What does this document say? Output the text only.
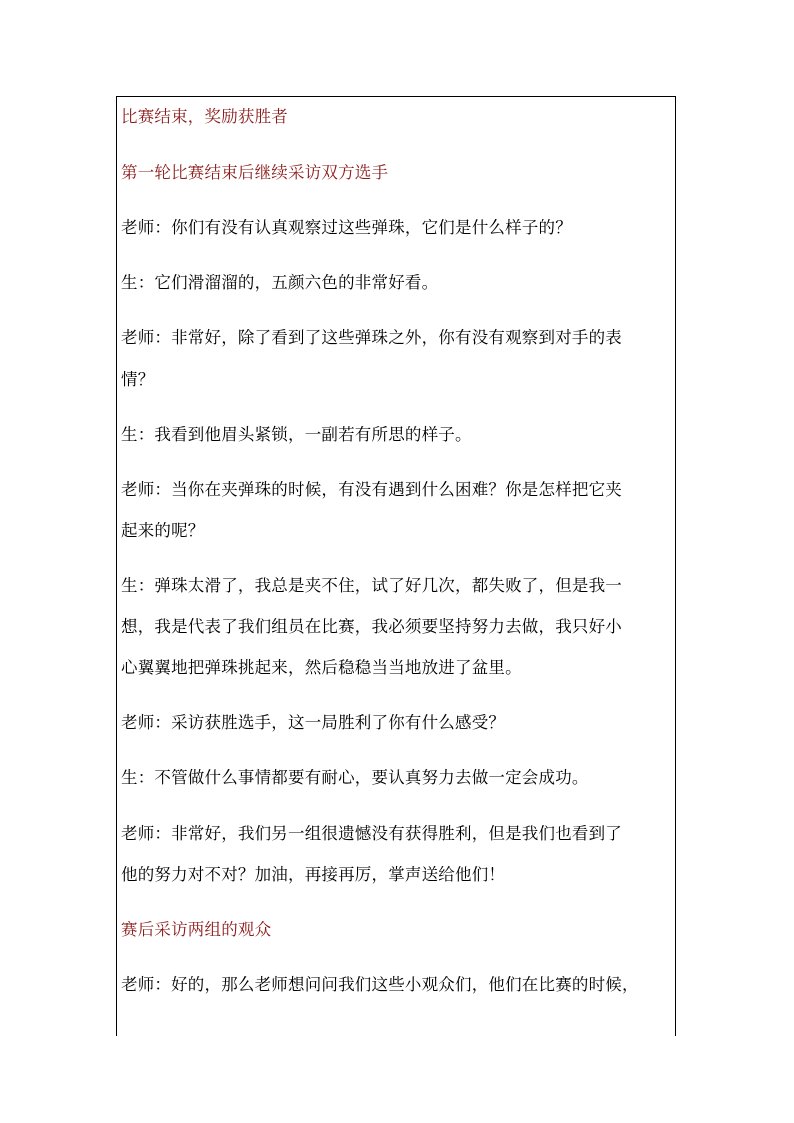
比赛结束，奖励获胜者
第一轮比赛结束后继续采访双方选手
老师：你们有没有认真观察过这些弹珠，它们是什么样子的？
生：它们滑溜溜的，五颜六色的非常好看。
老师：非常好，除了看到了这些弹珠之外，你有没有观察到对手的表
情？
生：我看到他眉头紧锁，一副若有所思的样子。
老师：当你在夹弹珠的时候，有没有遇到什么困难？你是怎样把它夹
起来的呢？
生：弹珠太滑了，我总是夹不住，试了好几次，都失败了，但是我一
想，我是代表了我们组员在比赛，我必须要坚持努力去做，我只好小
心翼翼地把弹珠挑起来，然后稳稳当当地放进了盆里。
老师：采访获胜选手，这一局胜利了你有什么感受？
生：不管做什么事情都要有耐心，要认真努力去做一定会成功。
老师：非常好，我们另一组很遗憾没有获得胜利，但是我们也看到了
他的努力对不对？加油，再接再厉，掌声送给他们！
赛后采访两组的观众
老师：好的，那么老师想问问我们这些小观众们，他们在比赛的时候，
